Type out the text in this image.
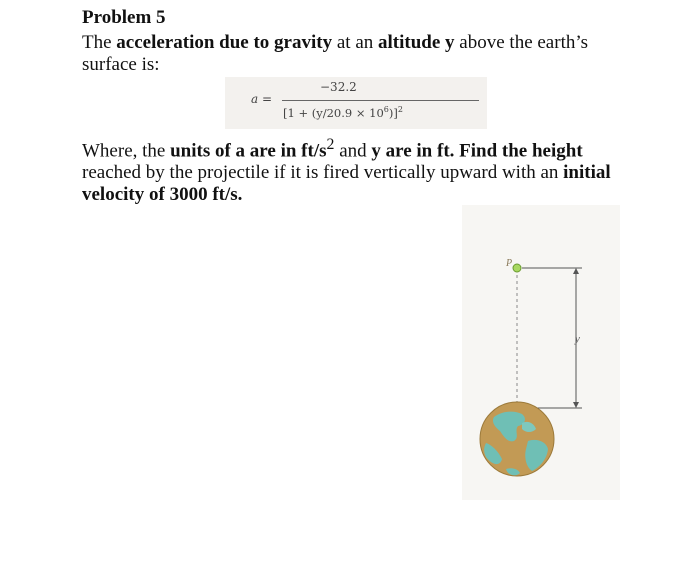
Problem 5

The acceleration due to gravity at an altitude y above the earth’s surface is:

a =
−32.2
$[1 + (y/20.9 \times 10^6)]^2$

Where, the units of a are in $ft/s^2$ and y are in ft. Find the height reached by the projectile if it is fired vertically upward with an initial velocity of 3000 ft/s.

P
y
